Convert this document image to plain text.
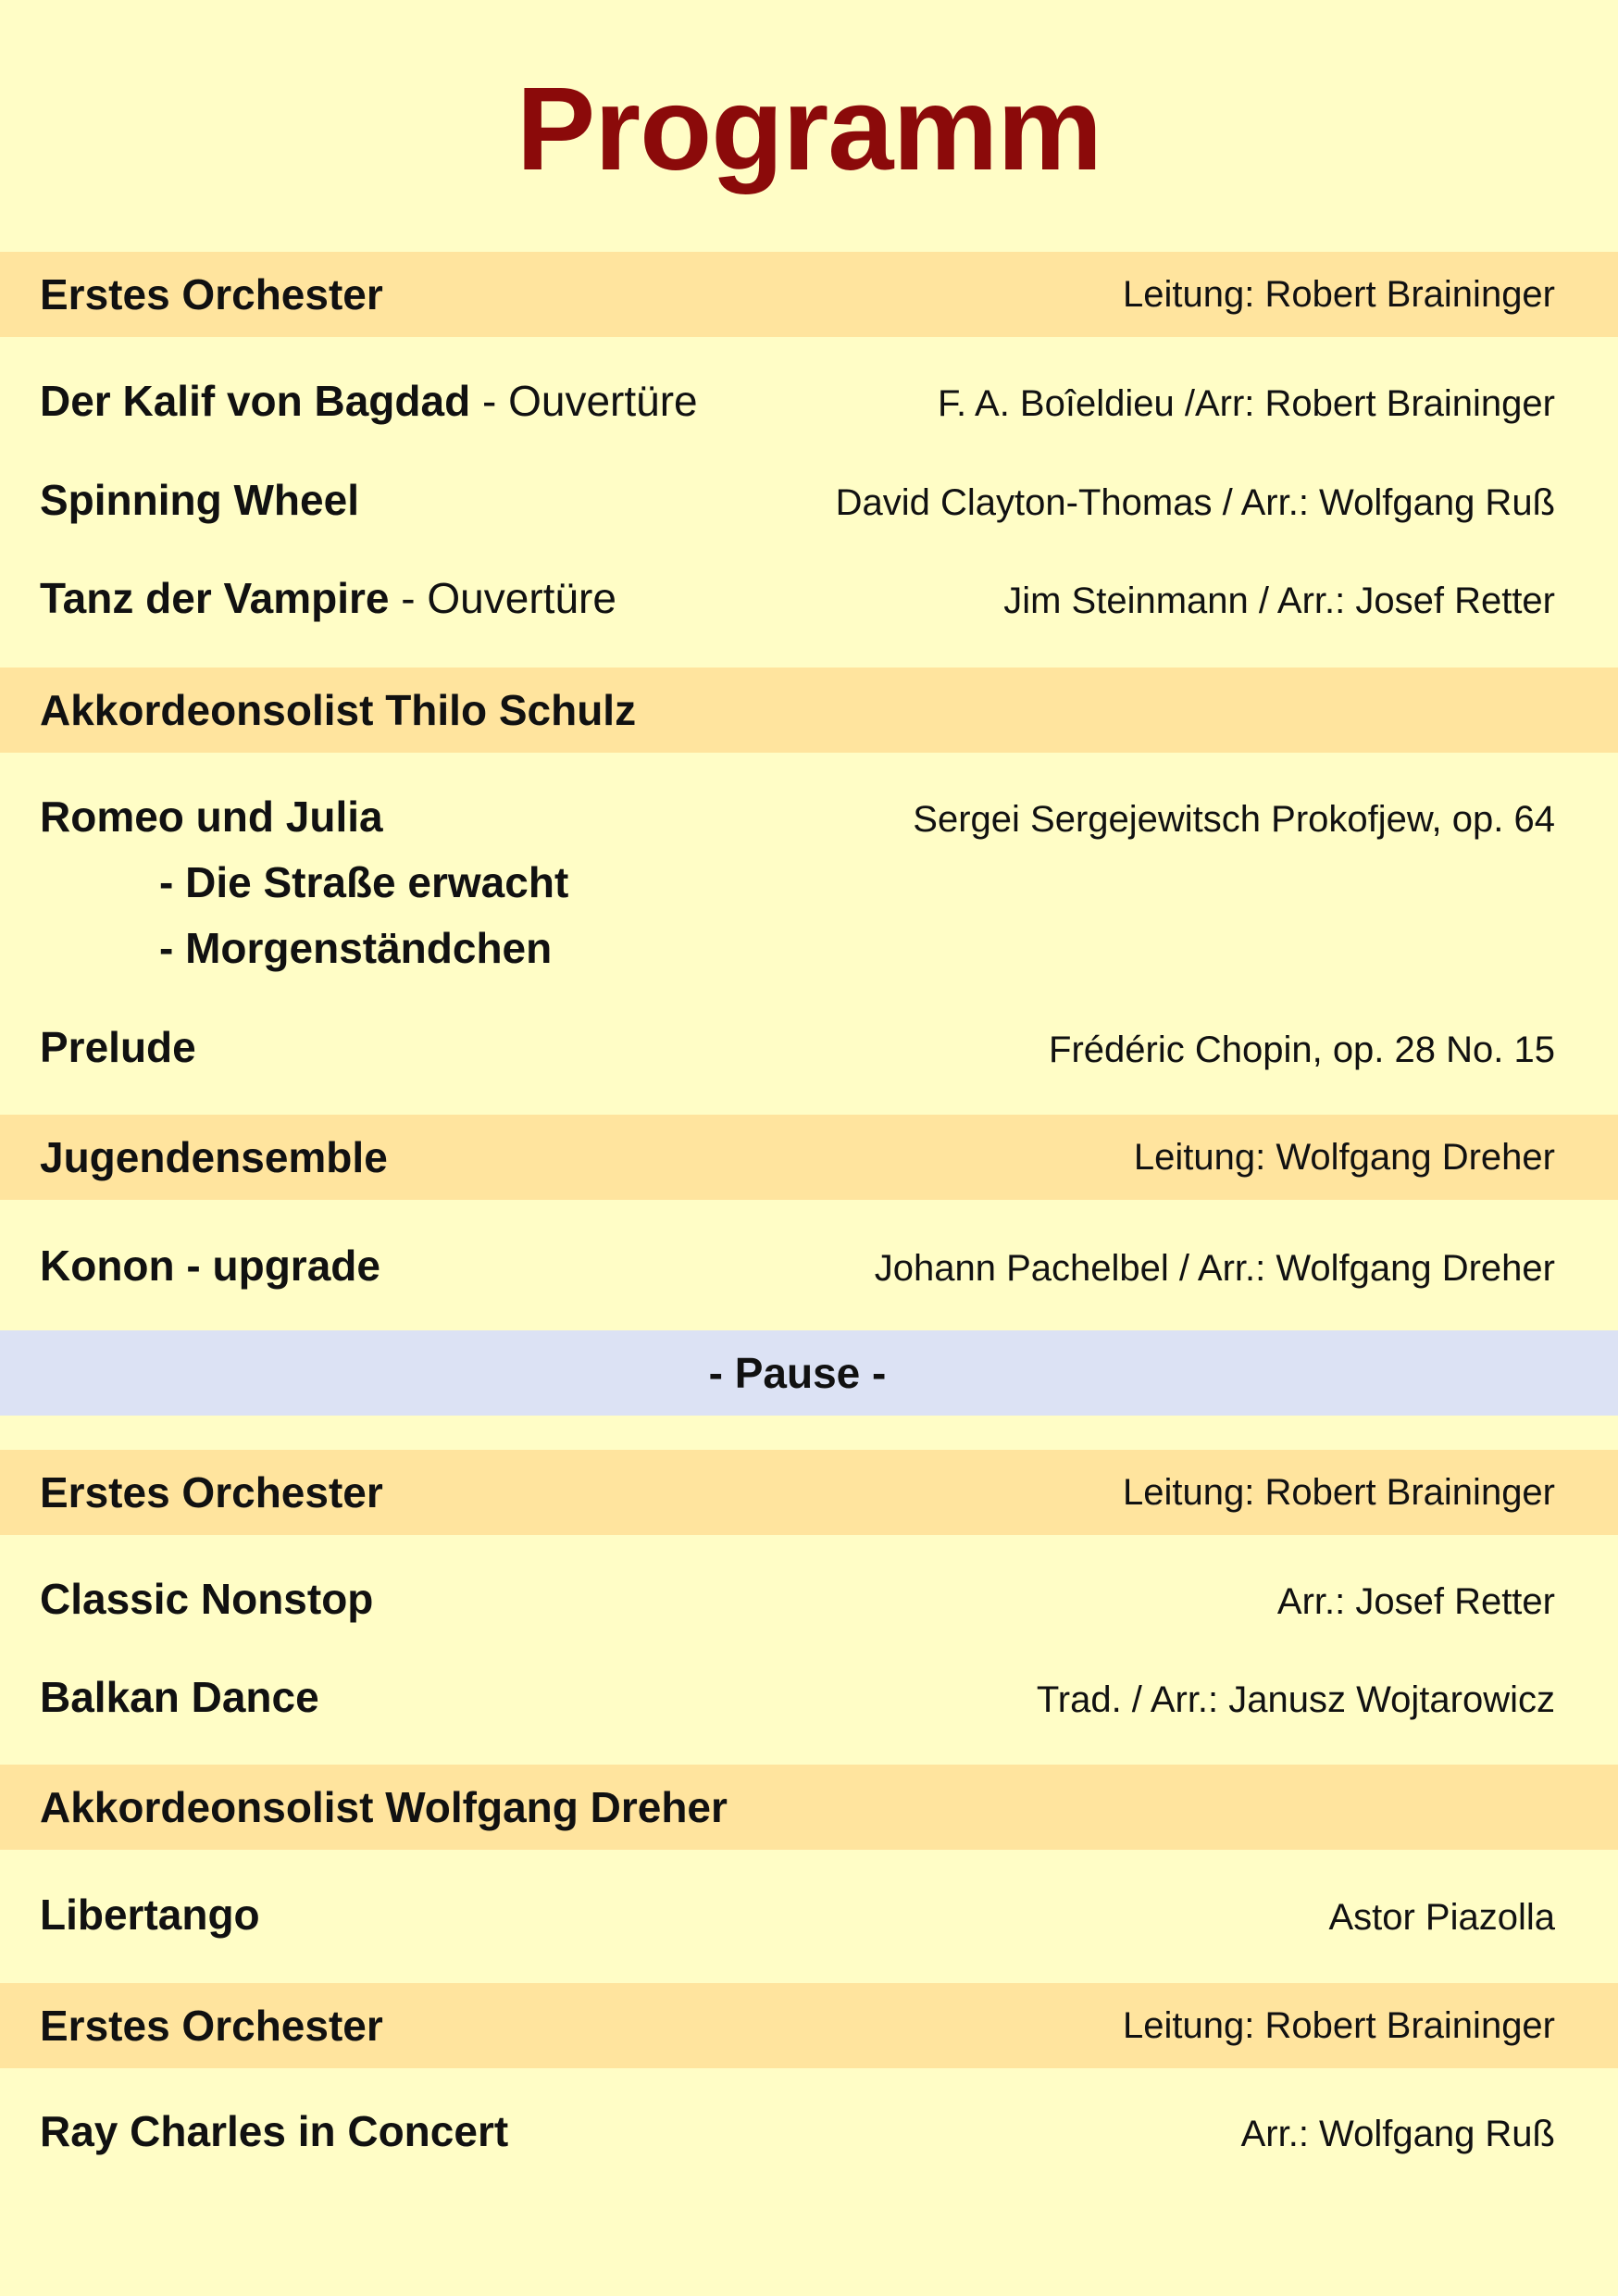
Programm
Erstes Orchester	Leitung: Robert Braininger
Der Kalif von Bagdad - Ouvertüre	F. A. Boîeldieu /Arr: Robert Braininger
Spinning Wheel	David Clayton-Thomas / Arr.: Wolfgang Ruß
Tanz der Vampire - Ouvertüre	Jim Steinmann / Arr.: Josef Retter
Akkordeonsolist Thilo Schulz
Romeo und Julia	Sergei Sergejewitsch Prokofjew, op. 64
- Die Straße erwacht
- Morgenständchen
Prelude	Frédéric Chopin, op. 28 No. 15
Jugendensemble	Leitung: Wolfgang Dreher
Konon - upgrade	Johann Pachelbel / Arr.: Wolfgang Dreher
- Pause -
Erstes Orchester	Leitung: Robert Braininger
Classic Nonstop	Arr.: Josef Retter
Balkan Dance	Trad. / Arr.: Janusz Wojtarowicz
Akkordeonsolist Wolfgang Dreher
Libertango	Astor Piazolla
Erstes Orchester	Leitung: Robert Braininger
Ray Charles in Concert	Arr.: Wolfgang Ruß
